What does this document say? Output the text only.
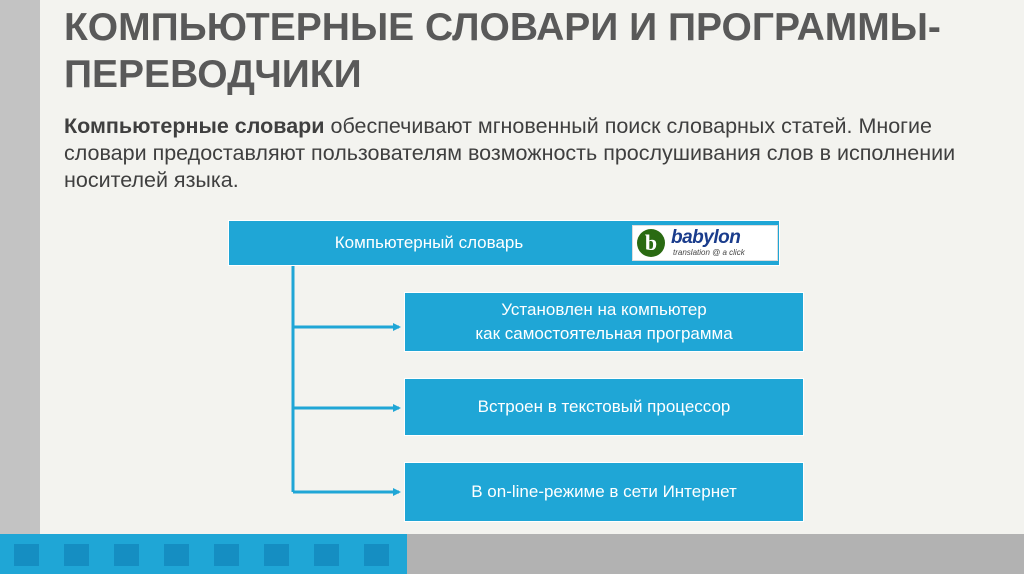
КОМПЬЮТЕРНЫЕ СЛОВАРИ И ПРОГРАММЫ-ПЕРЕВОДЧИКИ

Компьютерные словари обеспечивают мгновенный поиск словарных статей. Многие словари предоставляют пользователям возможность прослушивания слов в исполнении носителей языка.

Компьютерный словарь	b babylon
translation @ a click
Установлен на компьютер
как самостоятельная программа
Встроен в текстовый процессор
В on-line-режиме в сети Интернет
